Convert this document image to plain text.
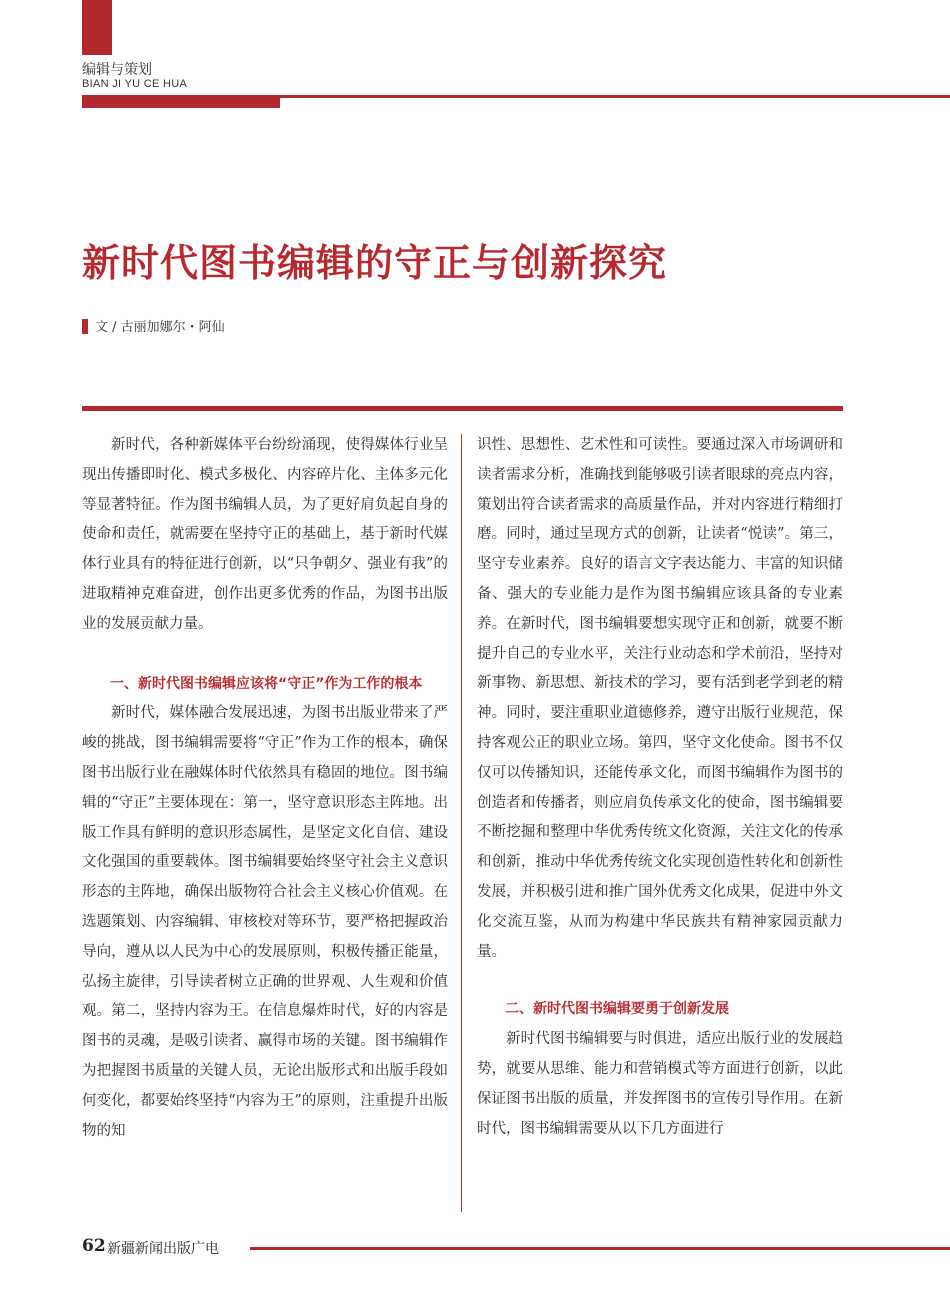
编辑与策划
BIAN JI YU CE HUA
新时代图书编辑的守正与创新探究
文 / 古丽加娜尔・阿仙

新时代，各种新媒体平台纷纷涌现，使得媒体行业呈现出传播即时化、模式多极化、内容碎片化、主体多元化等显著特征。作为图书编辑人员，为了更好肩负起自身的使命和责任，就需要在坚持守正的基础上，基于新时代媒体行业具有的特征进行创新，以“只争朝夕、强业有我”的进取精神克难奋进，创作出更多优秀的作品，为图书出版业的发展贡献力量。

一、新时代图书编辑应该将“守正”作为工作的根本

新时代，媒体融合发展迅速，为图书出版业带来了严峻的挑战，图书编辑需要将“守正”作为工作的根本，确保图书出版行业在融媒体时代依然具有稳固的地位。图书编辑的“守正”主要体现在：第一，坚守意识形态主阵地。出版工作具有鲜明的意识形态属性，是坚定文化自信、建设文化强国的重要载体。图书编辑要始终坚守社会主义意识形态的主阵地，确保出版物符合社会主义核心价值观。在选题策划、内容编辑、审核校对等环节，要严格把握政治导向，遵从以人民为中心的发展原则，积极传播正能量，弘扬主旋律，引导读者树立正确的世界观、人生观和价值观。第二，坚持内容为王。在信息爆炸时代，好的内容是图书的灵魂，是吸引读者、赢得市场的关键。图书编辑作为把握图书质量的关键人员，无论出版形式和出版手段如何变化，都要始终坚持“内容为王”的原则，注重提升出版物的知

识性、思想性、艺术性和可读性。要通过深入市场调研和读者需求分析，准确找到能够吸引读者眼球的亮点内容，策划出符合读者需求的高质量作品，并对内容进行精细打磨。同时，通过呈现方式的创新，让读者“悦读”。第三，坚守专业素养。良好的语言文字表达能力、丰富的知识储备、强大的专业能力是作为图书编辑应该具备的专业素养。在新时代，图书编辑要想实现守正和创新，就要不断提升自己的专业水平，关注行业动态和学术前沿，坚持对新事物、新思想、新技术的学习，要有活到老学到老的精神。同时，要注重职业道德修养，遵守出版行业规范，保持客观公正的职业立场。第四，坚守文化使命。图书不仅仅可以传播知识，还能传承文化，而图书编辑作为图书的创造者和传播者，则应肩负传承文化的使命，图书编辑要不断挖掘和整理中华优秀传统文化资源，关注文化的传承和创新，推动中华优秀传统文化实现创造性转化和创新性发展，并积极引进和推广国外优秀文化成果，促进中外文化交流互鉴，从而为构建中华民族共有精神家园贡献力量。

二、新时代图书编辑要勇于创新发展

新时代图书编辑要与时俱进，适应出版行业的发展趋势，就要从思维、能力和营销模式等方面进行创新，以此保证图书出版的质量，并发挥图书的宣传引导作用。在新时代，图书编辑需要从以下几方面进行

62 新疆新闻出版广电
